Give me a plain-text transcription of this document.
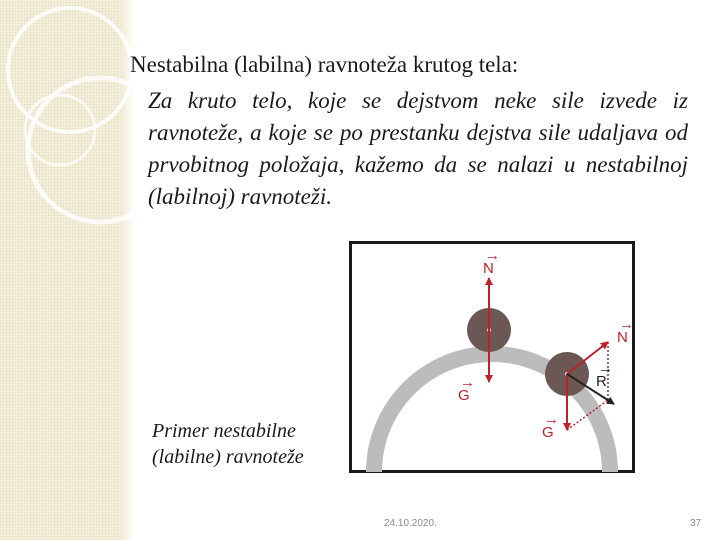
Nestabilna (labilna) ravnoteža krutog tela:

Za kruto telo, koje se dejstvom neke sile izvede iz ravnoteže, a koje se po prestanku dejstva sile udaljava od prvobitnog položaja, kažemo da se nalazi u nestabilnoj (labilnoj) ravnoteži.

N
→
G
→
N
→
R
→
G
→
Primer nestabilne (labilne) ravnoteže
24.10.2020.	37
